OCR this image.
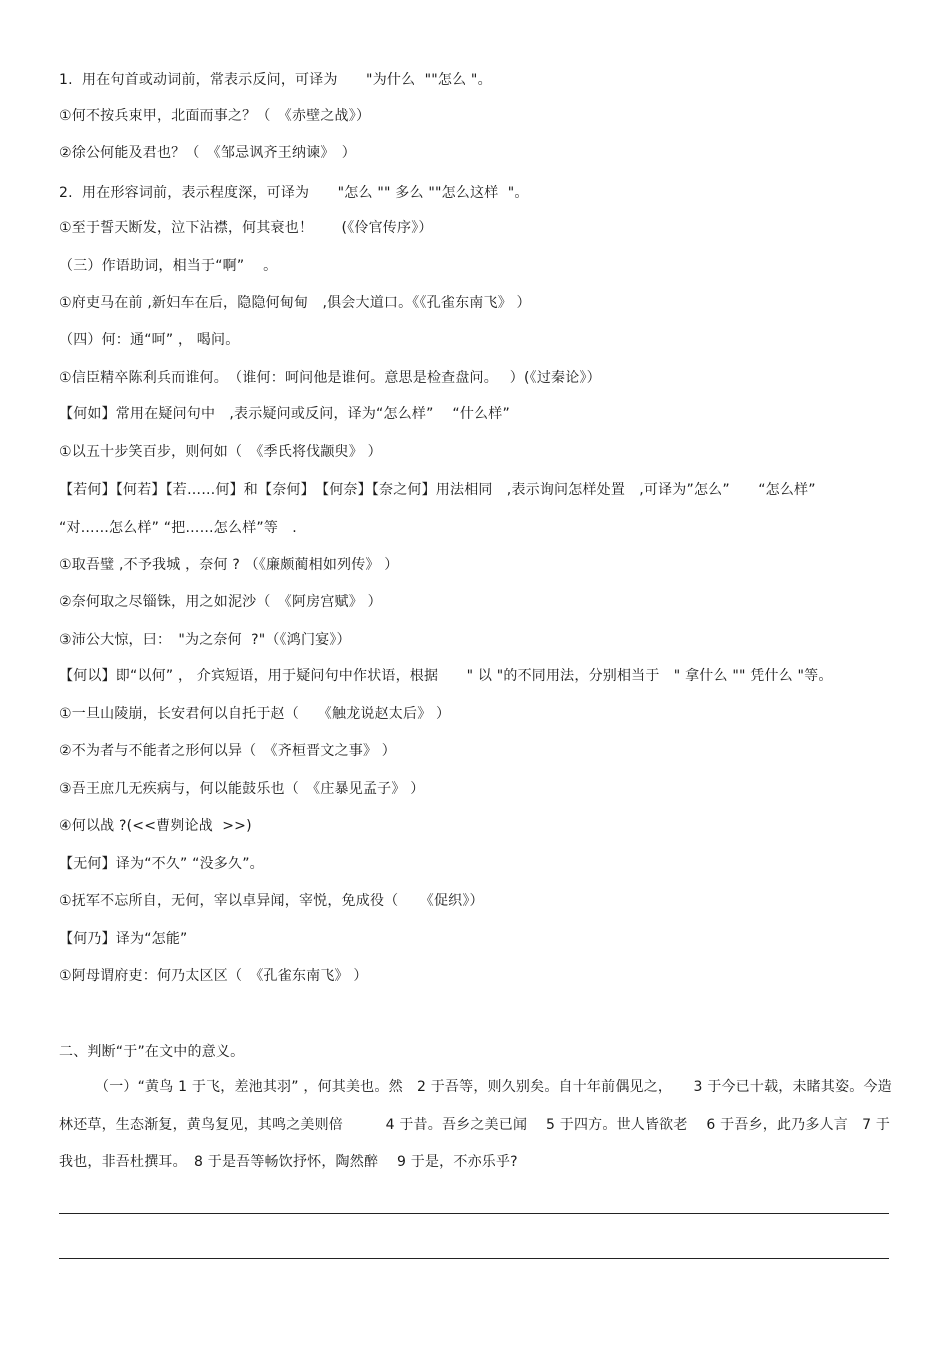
1.  用在句首或动词前，常表示反问，可译为　　"为什么  ""怎么 "。
①何不按兵束甲，北面而事之？（　《赤壁之战》）
②徐公何能及君也？（　《邹忌讽齐王纳谏》　）
2.  用在形容词前，表示程度深，可译为　　"怎么 "" 多么 ""怎么这样  "。
①至于誓天断发，泣下沾襟，何其衰也！　　(《伶官传序》）
（三）作语助词，相当于“啊”　 。
①府吏马在前 ,新妇车在后，隐隐何甸甸　,俱会大道口。《《孔雀东南飞》 ）
（四）何：通“呵” ， 喝问。
①信臣精卒陈利兵而谁何。　（谁何：呵问他是谁何。意思是检查盘问。　 ）(《过秦论》）
【何如】常用在疑问句中　,表示疑问或反问，译为“怎么样”　 “什么样”
①以五十步笑百步，则何如（　《季氏将伐颛臾》 ）
【若何】【何若】【若……何】和【奈何】　【何奈】【奈之何】用法相同　,表示询问怎样处置　,可译为”怎么”　　“怎么样”
“对……怎么样” “把……怎么样”等　.
①取吾璧 ,不予我城 ，奈何 ? （《廉颇蔺相如列传》 ）
②奈何取之尽锱铢，用之如泥沙（　《阿房宫赋》 ）
③沛公大惊，曰：　"为之奈何  ?"（《鸿门宴》）
【何以】即“以何” ， 介宾短语，用于疑问句中作状语，根据　　" 以 "的不同用法，分别相当于　" 拿什么 "" 凭什么 "等。
①一旦山陵崩，长安君何以自托于赵（　 《触龙说赵太后》 ）
②不为者与不能者之形何以异（　《齐桓晋文之事》 ）
③吾王庶几无疾病与，何以能鼓乐也（　《庄暴见孟子》 ）
④何以战 ?(<<曹刿论战  >>)
【无何】译为“不久” “没多久”。
①抚军不忘所自，无何，宰以卓异闻，宰悦，免成役（　　《促织》）
【何乃】译为“怎能”
①阿母谓府吏：何乃太区区（　《孔雀东南飞》 ）
二、判断“于”在文中的意义。
（一）“黄鸟 1 于飞，差池其羽” ，何其美也。然　2 于吾等，则久别矣。自十年前偶见之，　　3 于今已十载，未睹其姿。今造林还草，生态渐复，黄鸟复见，其鸣之美则倍　　　4 于昔。吾乡之美已闻　 5 于四方。世人皆欲老　 6 于吾乡，此乃多人言　7 于我也，非吾杜撰耳。　8 于是吾等畅饮抒怀，陶然醉　 9 于是，不亦乐乎?
